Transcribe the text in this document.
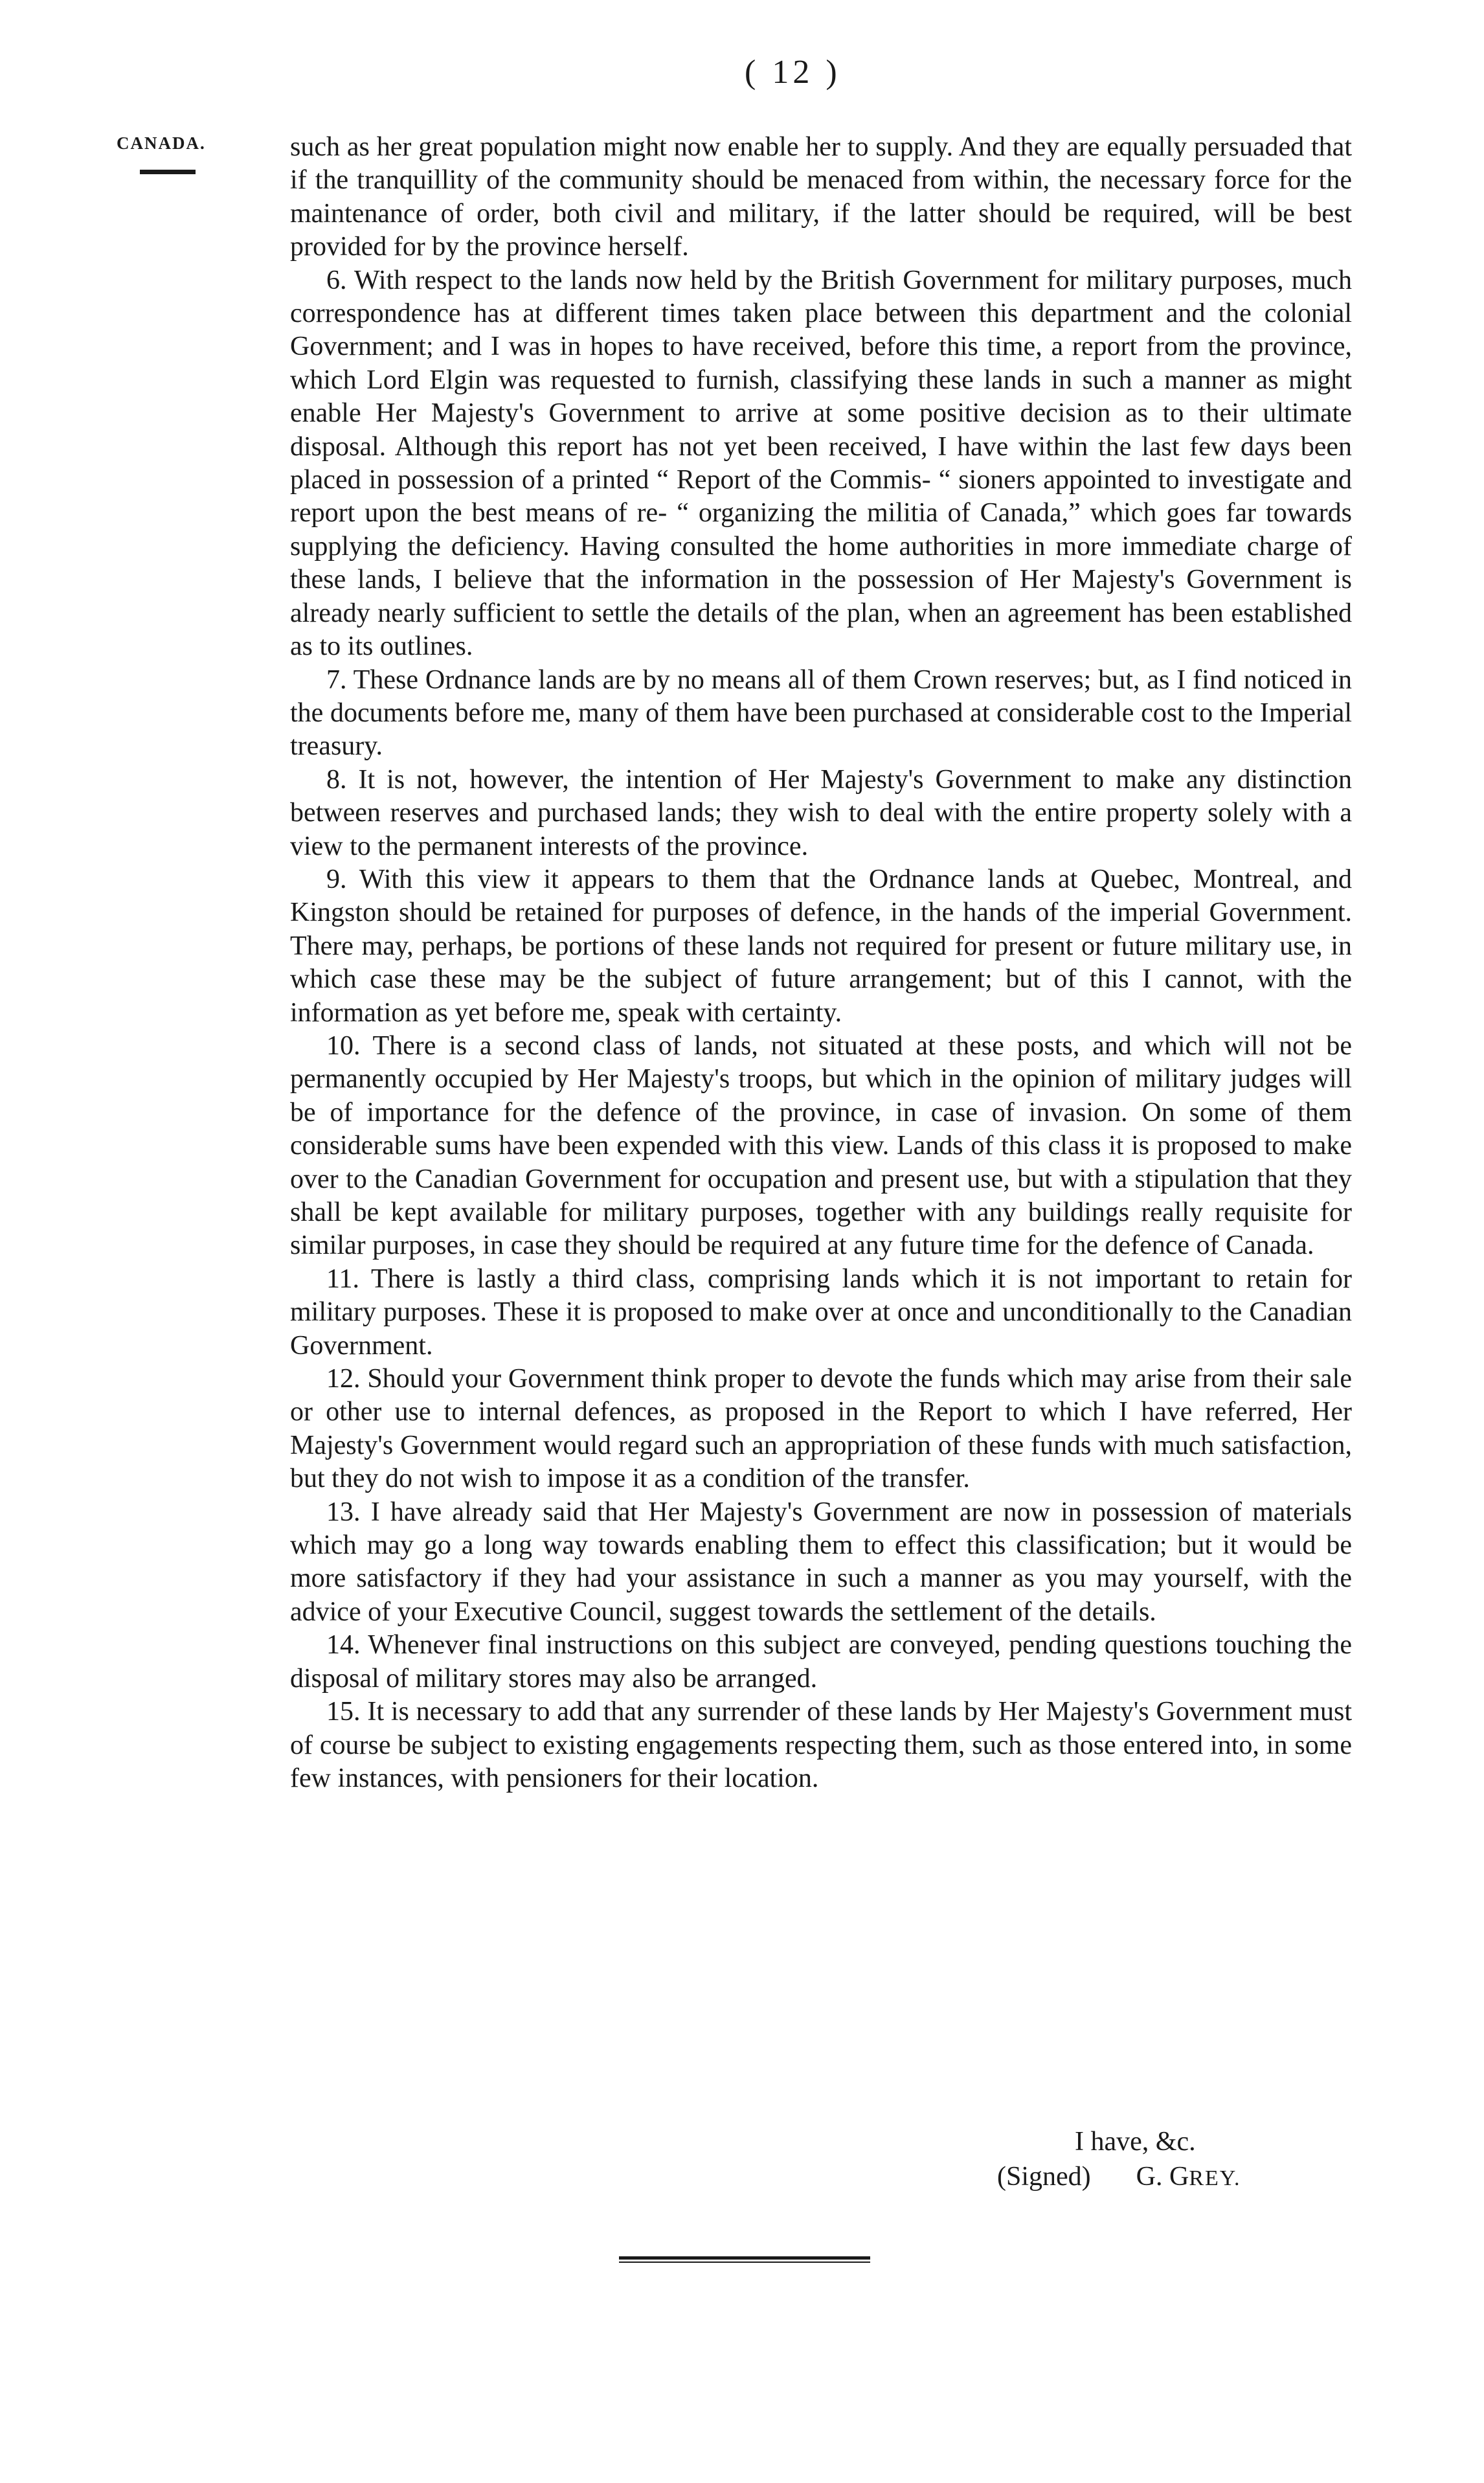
( 12 )
CANADA.	such as her great population might now enable her to supply. And they are equally persuaded that if the tranquillity of the community should be menaced from within, the necessary force for the maintenance of order, both civil and military, if the latter should be required, will be best provided for by the province herself.

6. With respect to the lands now held by the British Government for military purposes, much correspondence has at different times taken place between this department and the colonial Government; and I was in hopes to have received, before this time, a report from the province, which Lord Elgin was requested to furnish, classifying these lands in such a manner as might enable Her Majesty's Government to arrive at some positive decision as to their ultimate disposal. Although this report has not yet been received, I have within the last few days been placed in possession of a printed “ Report of the Commis- “ sioners appointed to investigate and report upon the best means of re- “ organizing the militia of Canada,” which goes far towards supplying the deficiency. Having consulted the home authorities in more immediate charge of these lands, I believe that the information in the possession of Her Majesty's Government is already nearly sufficient to settle the details of the plan, when an agreement has been established as to its outlines.

7. These Ordnance lands are by no means all of them Crown reserves; but, as I find noticed in the documents before me, many of them have been purchased at considerable cost to the Imperial treasury.

8. It is not, however, the intention of Her Majesty's Government to make any distinction between reserves and purchased lands; they wish to deal with the entire property solely with a view to the permanent interests of the province.

9. With this view it appears to them that the Ordnance lands at Quebec, Montreal, and Kingston should be retained for purposes of defence, in the hands of the imperial Government. There may, perhaps, be portions of these lands not required for present or future military use, in which case these may be the subject of future arrangement; but of this I cannot, with the information as yet before me, speak with certainty.

10. There is a second class of lands, not situated at these posts, and which will not be permanently occupied by Her Majesty's troops, but which in the opinion of military judges will be of importance for the defence of the province, in case of invasion. On some of them considerable sums have been expended with this view. Lands of this class it is proposed to make over to the Canadian Government for occupation and present use, but with a stipulation that they shall be kept available for military purposes, together with any buildings really requisite for similar purposes, in case they should be required at any future time for the defence of Canada.

11. There is lastly a third class, comprising lands which it is not important to retain for military purposes. These it is proposed to make over at once and unconditionally to the Canadian Government.

12. Should your Government think proper to devote the funds which may arise from their sale or other use to internal defences, as proposed in the Report to which I have referred, Her Majesty's Government would regard such an appropriation of these funds with much satisfaction, but they do not wish to impose it as a condition of the transfer.

13. I have already said that Her Majesty's Government are now in possession of materials which may go a long way towards enabling them to effect this classification; but it would be more satisfactory if they had your assistance in such a manner as you may yourself, with the advice of your Executive Council, suggest towards the settlement of the details.

14. Whenever final instructions on this subject are conveyed, pending questions touching the disposal of military stores may also be arranged.

15. It is necessary to add that any surrender of these lands by Her Majesty's Government must of course be subject to existing engagements respecting them, such as those entered into, in some few instances, with pensioners for their location.

I have, &c.
(Signed) G. GREY.
